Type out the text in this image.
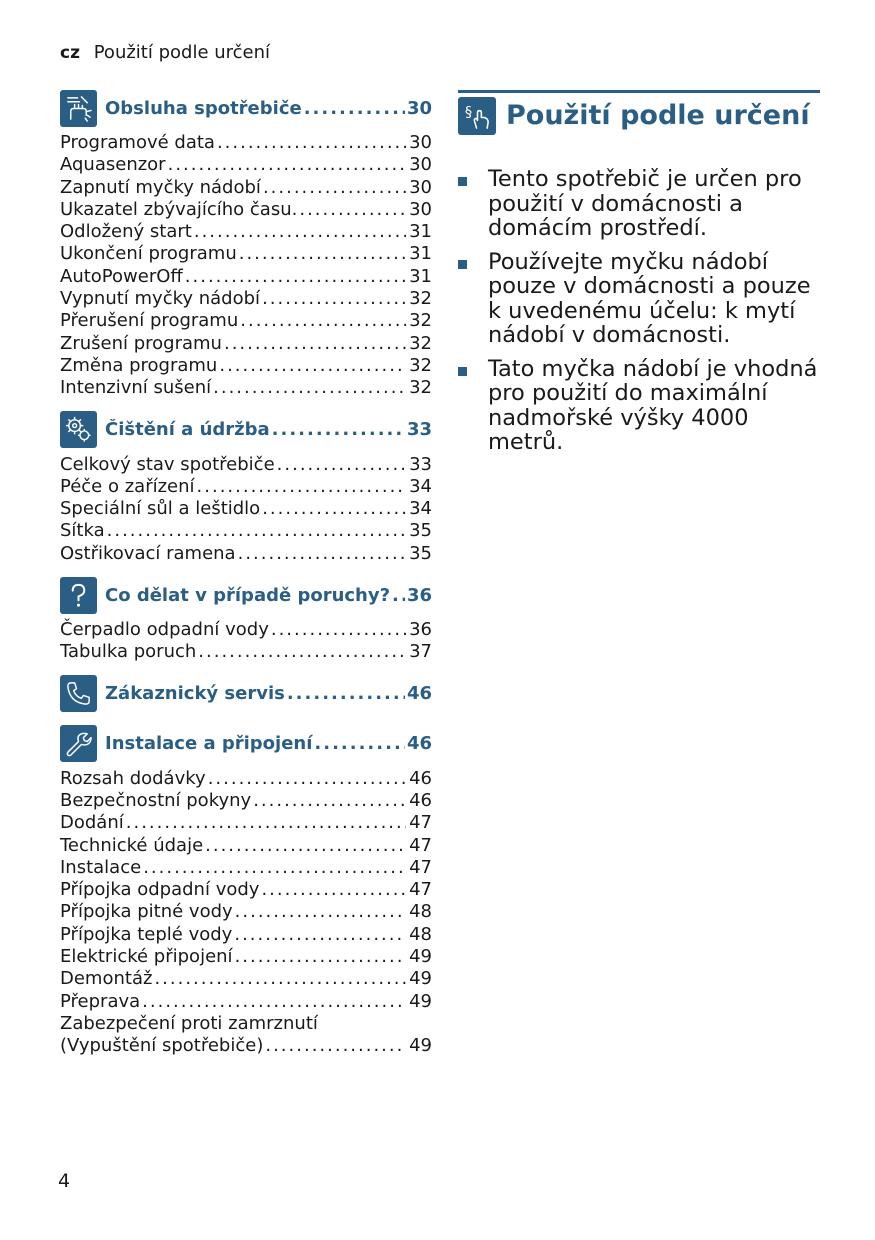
cz Použití podle určení
Obsluha spotřebiče .....	30
Programové data .....	30
Aquasenzor .....	30
Zapnutí myčky nádobí .....	30
Ukazatel zbývajícího času. .....	30
Odložený start .....	31
Ukončení programu .....	31
AutoPowerOff .....	31
Vypnutí myčky nádobí .....	32
Přerušení programu .....	32
Zrušení programu .....	32
Změna programu .....	32
Intenzivní sušení .....	32
Čištění a údržba .....	33
Celkový stav spotřebiče .....	33
Péče o zařízení .....	34
Speciální sůl a leštidlo .....	34
Sítka .....	35
Ostřikovací ramena .....	35
Co dělat v případě poruchy? ..... 36
Čerpadlo odpadní vody .....	36
Tabulka poruch .....	37
Zákaznický servis .....	46
Instalace a připojení .....	46
Rozsah dodávky .....	46
Bezpečnostní pokyny .....	46
Dodání .....	47
Technické údaje .....	47
Instalace .....	47
Přípojka odpadní vody .....	47
Přípojka pitné vody .....	48
Přípojka teplé vody .....	48
Elektrické připojení .....	49
Demontáž .....	49
Přeprava .....	49
Zabezpečení proti zamrznutí
(Vypuštění spotřebiče) .....	49
§ Použití podle určení
Tento spotřebič je určen pro použití v domácnosti a domácím prostředí.
Používejte myčku nádobí pouze v domácnosti a pouze k uvedenému účelu: k mytí nádobí v domácnosti.
Tato myčka nádobí je vhodná pro použití do maximální nadmořské výšky 4000 metrů.
4
